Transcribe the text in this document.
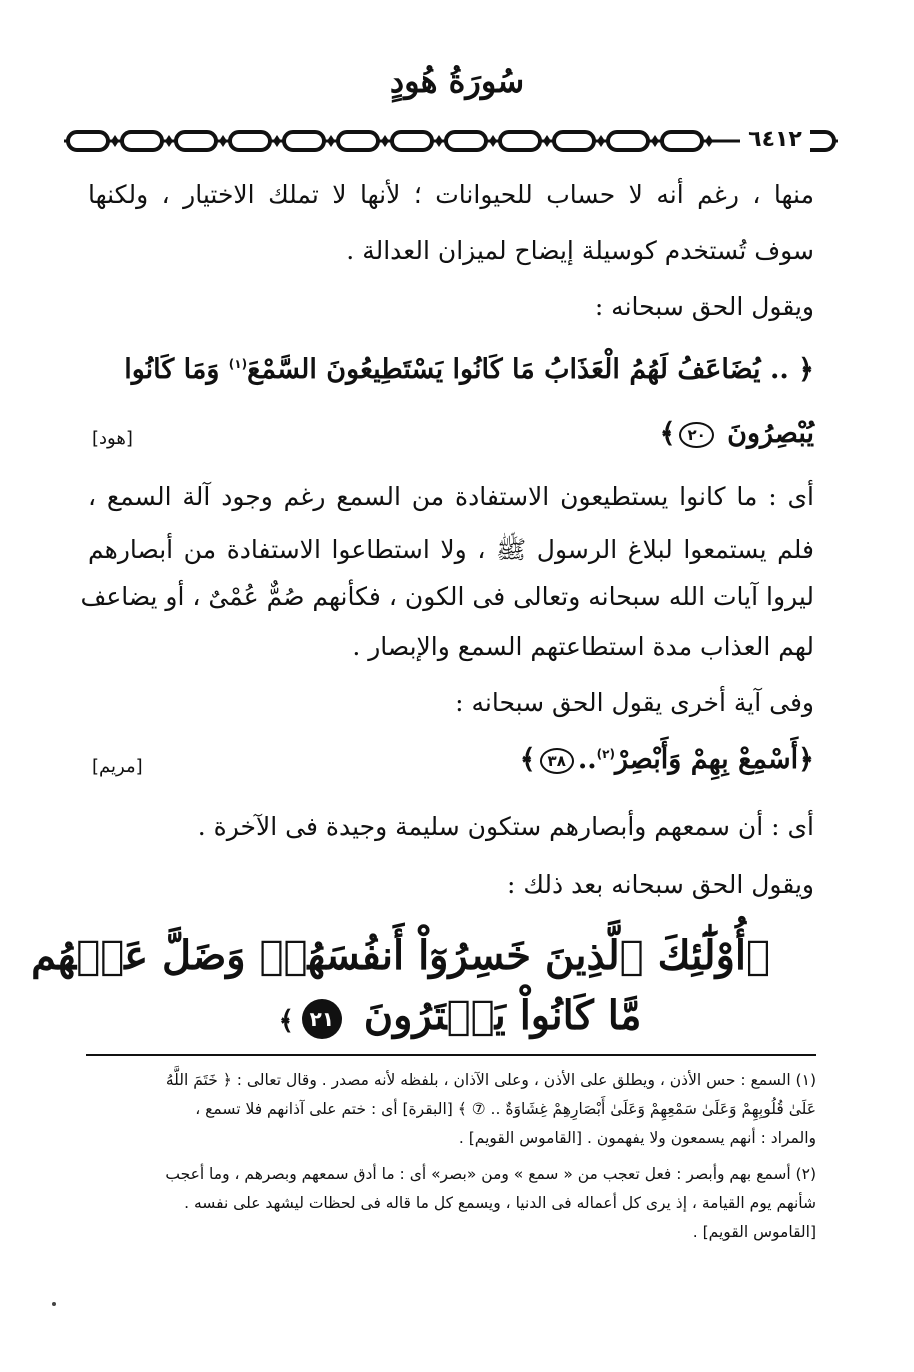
سُورَةُ هُودٍ
٦٤١٢
منها ، رغم أنه لا حساب للحيوانات ؛ لأنها لا تملك الاختيار ، ولكنها
سوف تُستخدم كوسيلة إيضاح لميزان العدالة .
ويقول الحق سبحانه :
﴿ .. يُضَاعَفُ لَهُمُ الْعَذَابُ مَا كَانُوا يَسْتَطِيعُونَ السَّمْعَ$^{(١)}$ وَمَا كَانُوا
يُبْصِرُونَ ٢٠﴾
[هود]
أى : ما كانوا يستطيعون الاستفادة من السمع رغم وجود آلة السمع ،
فلم يستمعوا لبلاغ الرسول ﷺ ، ولا استطاعوا الاستفادة من أبصارهم
ليروا آيات الله سبحانه وتعالى فى الكون ، فكأنهم صُمٌّ عُمْىٌ ، أو يضاعف
لهم العذاب مدة استطاعتهم السمع والإبصار .
وفى آية أخرى يقول الحق سبحانه :
﴿أَسْمِعْ بِهِمْ وَأَبْصِرْ$^{(٢)}$..٣٨﴾
[مريم]
أى : أن سمعهم وأبصارهم ستكون سليمة وجيدة فى الآخرة .
ويقول الحق سبحانه بعد ذلك :
﴿أُوْلَٰٓئِكَ ٱلَّذِينَ خَسِرُوٓاْ أَنفُسَهُمۡ وَضَلَّ عَنۡهُم
مَّا كَانُواْ يَفۡتَرُونَ ٢١﴾
(١) السمع : حس الأذن ، ويطلق على الأذن ، وعلى الآذان ، بلفظه لأنه مصدر . وقال تعالى : ﴿ خَتَمَ اللَّهُ
عَلَىٰ قُلُوبِهِمْ وَعَلَىٰ سَمْعِهِمْ وَعَلَىٰ أَبْصَارِهِمْ غِشَاوَةٌ .. ⑦ ﴾ [البقرة] أى : ختم على آذانهم فلا تسمع ،
والمراد : أنهم يسمعون ولا يفهمون . [القاموس القويم] .
(٢) أسمع بهم وأبصر : فعل تعجب من « سمع » ومن «بصر» أى : ما أدق سمعهم وبصرهم ، وما أعجب
شأنهم يوم القيامة ، إذ يرى كل أعماله فى الدنيا ، ويسمع كل ما قاله فى لحظات ليشهد على نفسه .
[القاموس القويم] .
